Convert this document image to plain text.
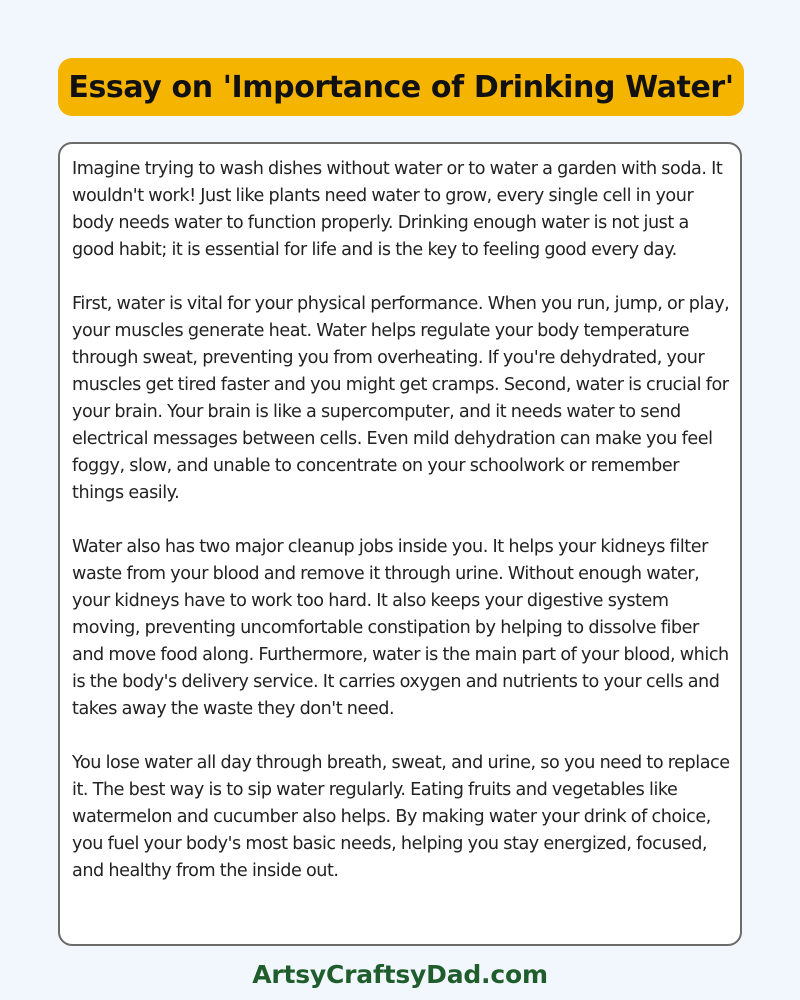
Essay on 'Importance of Drinking Water'

Imagine trying to wash dishes without water or to water a garden with soda. It wouldn't work! Just like plants need water to grow, every single cell in your body needs water to function properly. Drinking enough water is not just a good habit; it is essential for life and is the key to feeling good every day.

First, water is vital for your physical performance. When you run, jump, or play, your muscles generate heat. Water helps regulate your body temperature through sweat, preventing you from overheating. If you're dehydrated, your muscles get tired faster and you might get cramps. Second, water is crucial for your brain. Your brain is like a supercomputer, and it needs water to send electrical messages between cells. Even mild dehydration can make you feel foggy, slow, and unable to concentrate on your schoolwork or remember things easily.

Water also has two major cleanup jobs inside you. It helps your kidneys filter waste from your blood and remove it through urine. Without enough water, your kidneys have to work too hard. It also keeps your digestive system moving, preventing uncomfortable constipation by helping to dissolve fiber and move food along. Furthermore, water is the main part of your blood, which is the body's delivery service. It carries oxygen and nutrients to your cells and takes away the waste they don't need.

You lose water all day through breath, sweat, and urine, so you need to replace it. The best way is to sip water regularly. Eating fruits and vegetables like watermelon and cucumber also helps. By making water your drink of choice, you fuel your body's most basic needs, helping you stay energized, focused, and healthy from the inside out.

ArtsyCraftsyDad.com
